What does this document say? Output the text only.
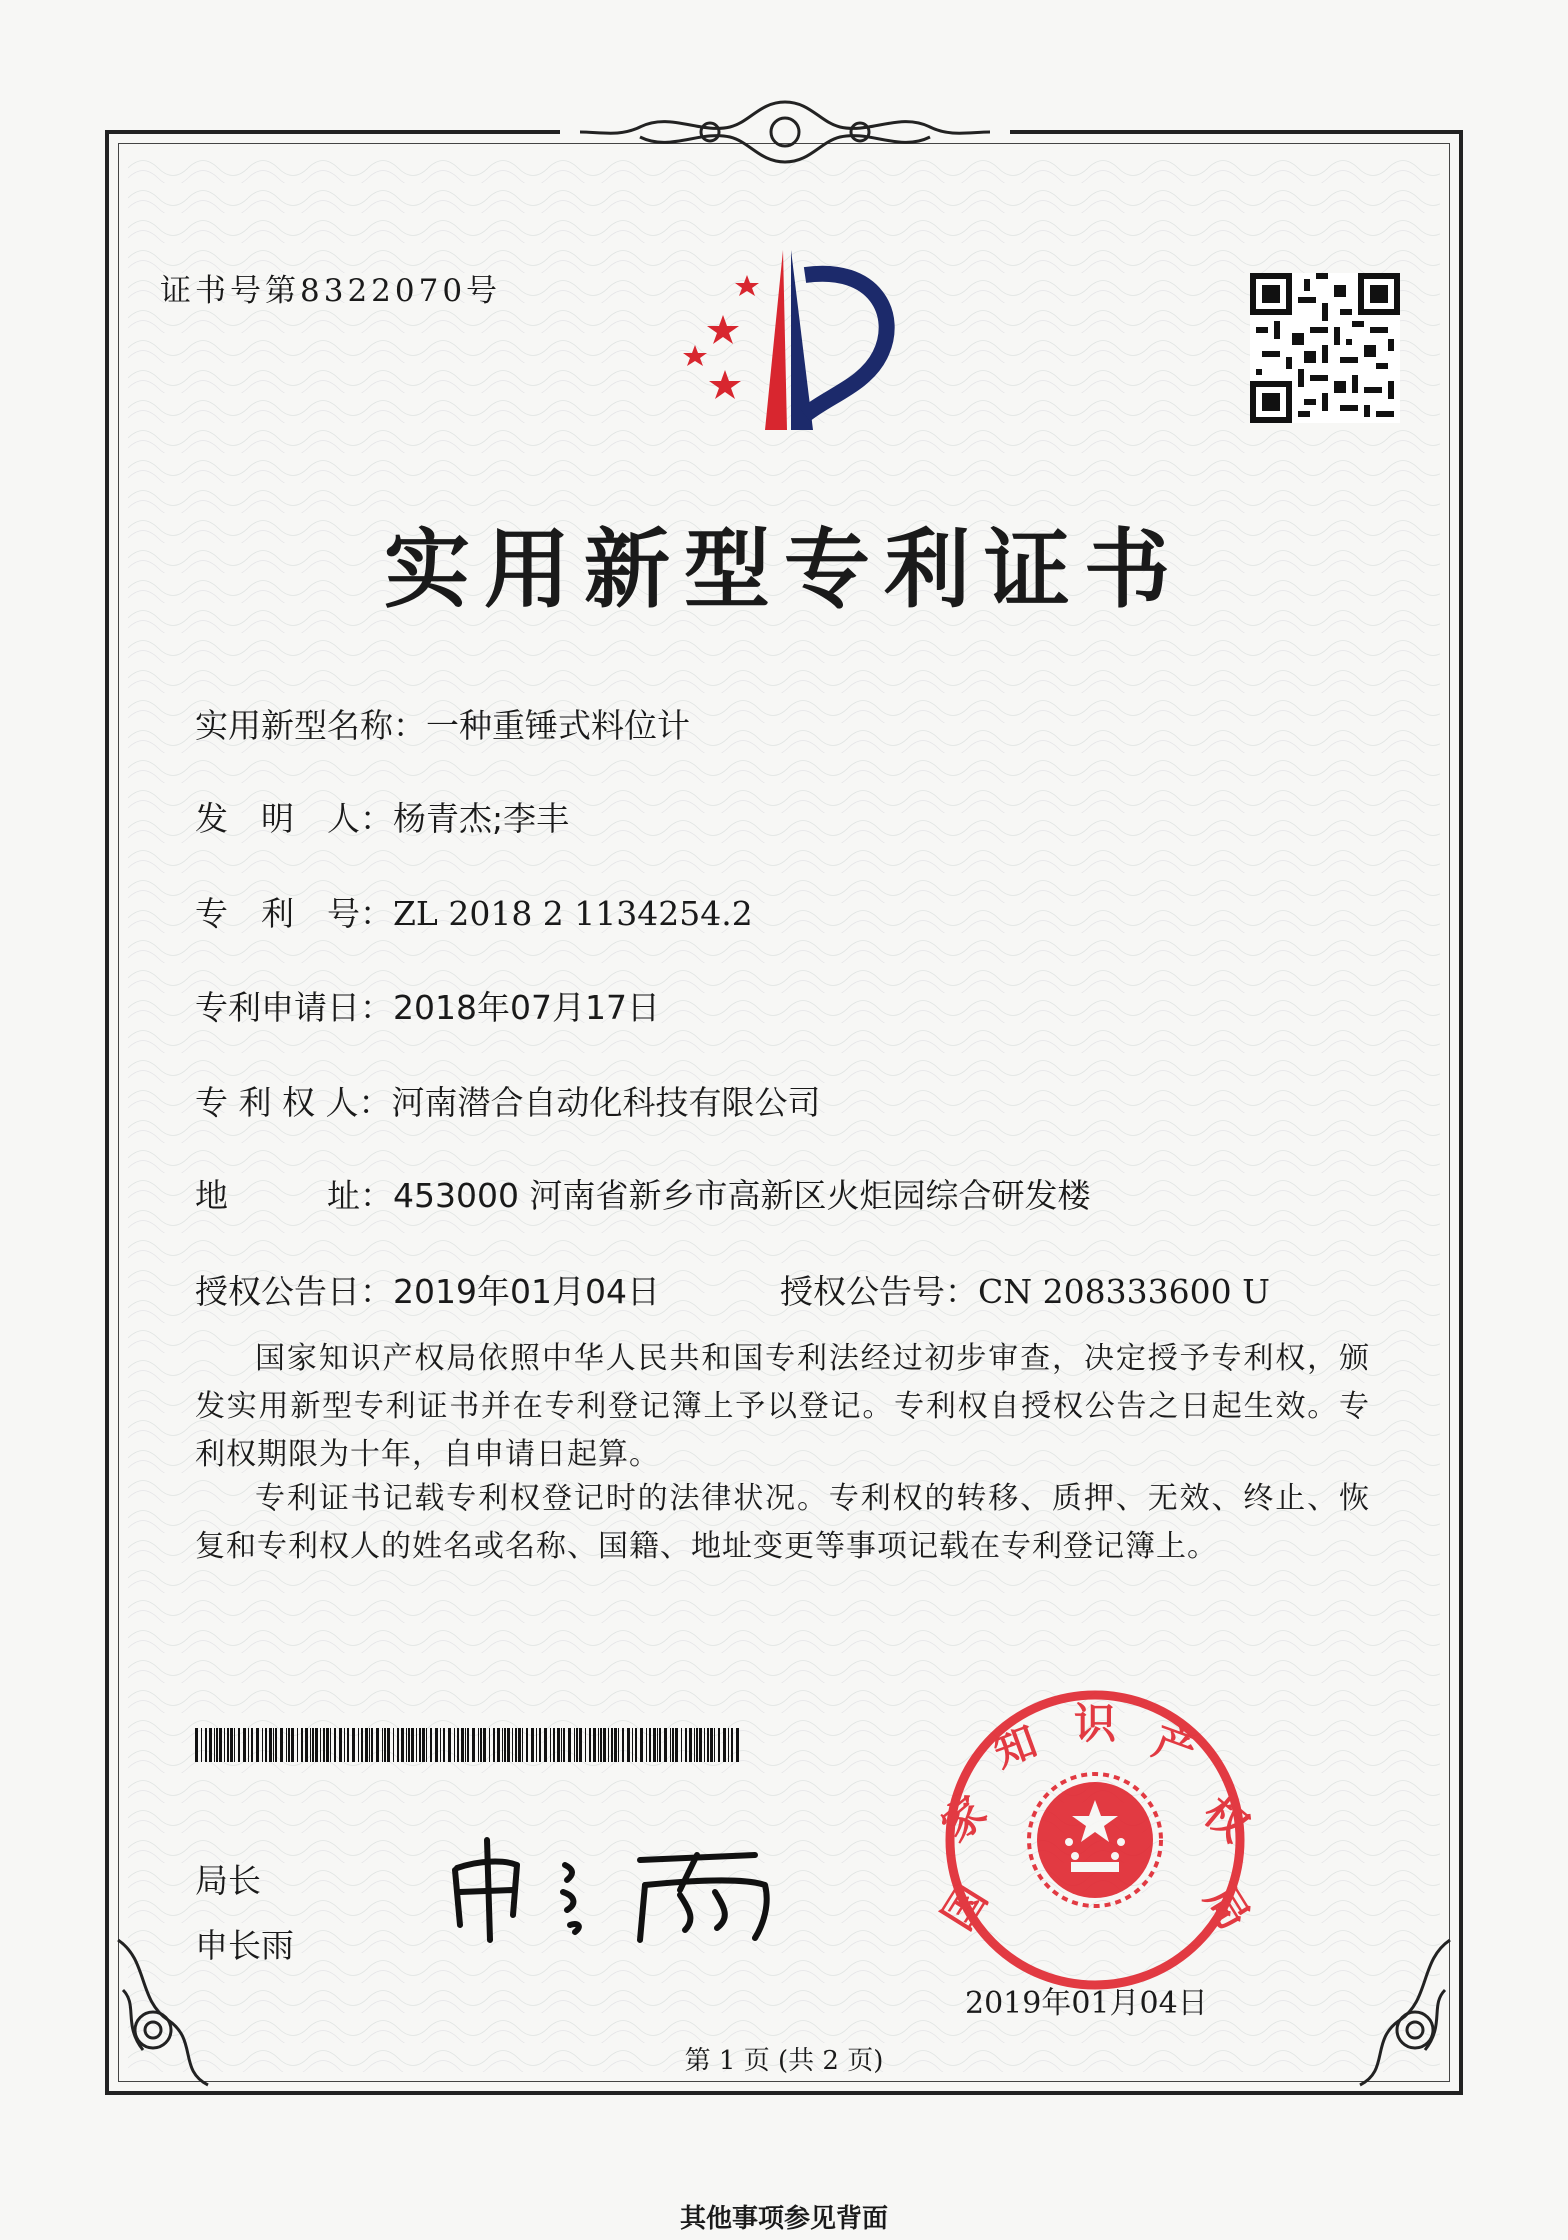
证书号第8322070号
实用新型专利证书
实用新型名称：一种重锤式料位计
发　明　人：杨青杰;李丰
专　利　号：ZL 2018 2 1134254.2
专利申请日：2018年07月17日
专 利 权 人：河南潜合自动化科技有限公司
地　　　址：453000 河南省新乡市高新区火炬园综合研发楼
授权公告日：2019年01月04日	授权公告号：CN 208333600 U
国家知识产权局依照中华人民共和国专利法经过初步审查，决定授予专利权，颁发实用新型专利证书并在专利登记簿上予以登记。专利权自授权公告之日起生效。专利权期限为十年，自申请日起算。
专利证书记载专利权登记时的法律状况。专利权的转移、质押、无效、终止、恢复和专利权人的姓名或名称、国籍、地址变更等事项记载在专利登记簿上。
局长
申长雨
国
家
知 识 产
权
局
2019年01月04日
第 1 页 (共 2 页)
其他事项参见背面
